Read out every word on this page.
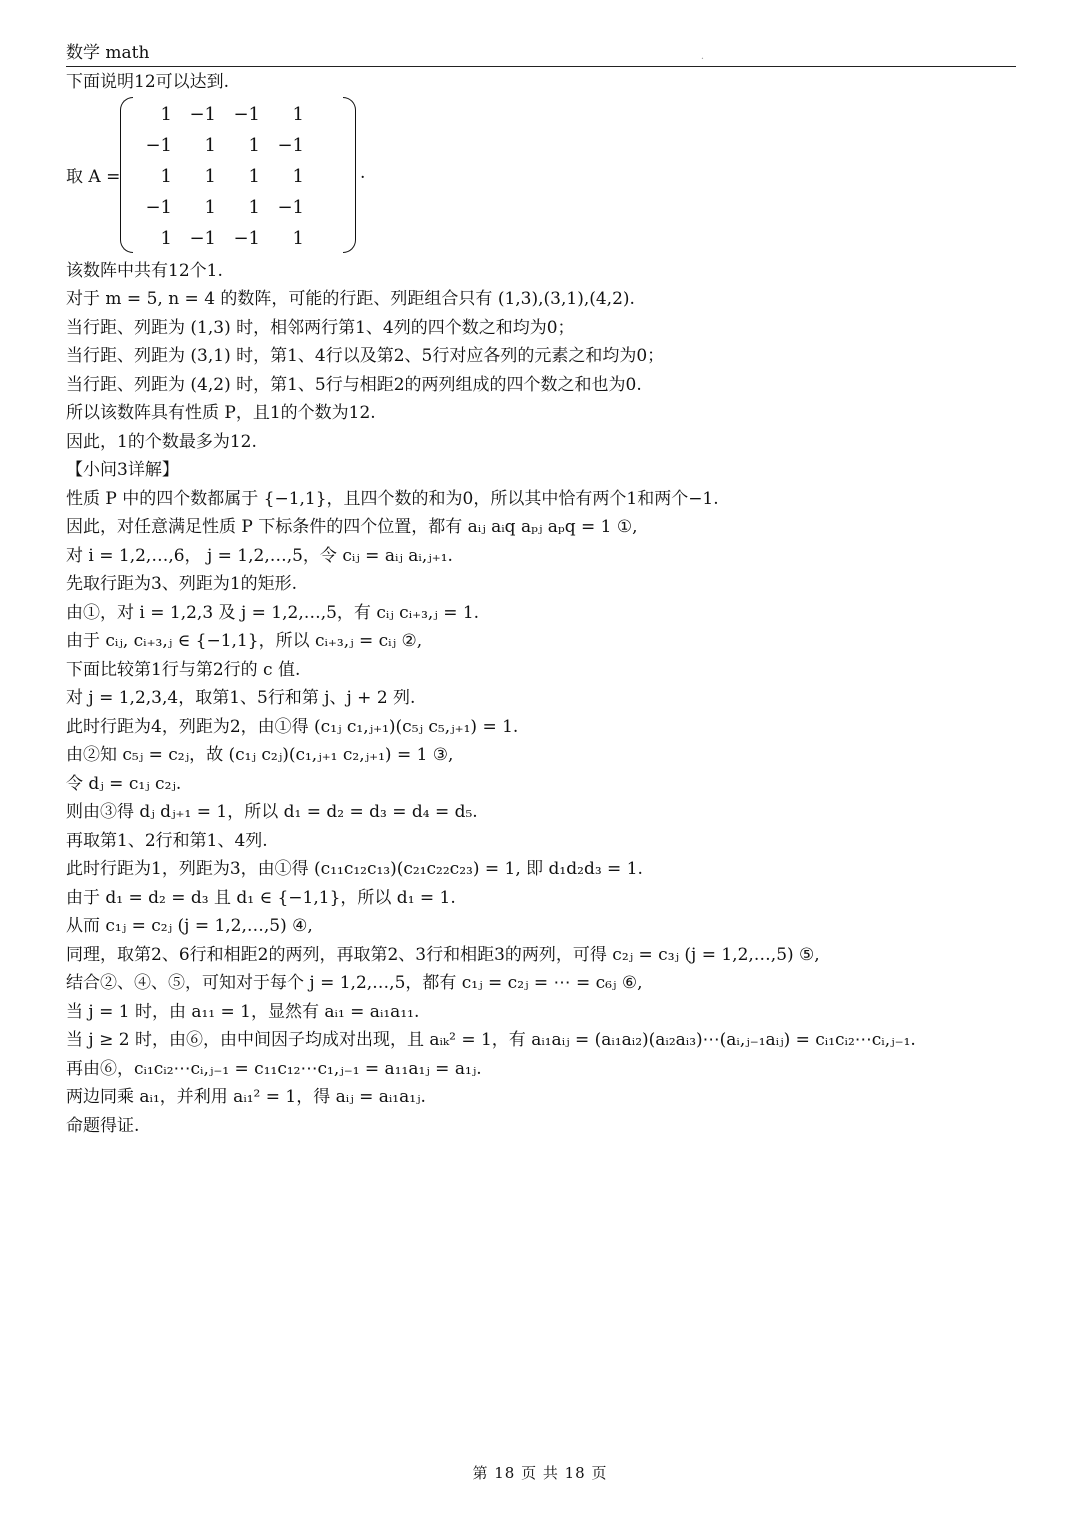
数学 math	.
下面说明12可以达到.
取 A =
1	−1	−1	1
−1	1	1	−1
1	1	1	1
−1	1	1	−1
1	−1	−1	1
.
该数阵中共有12个1.
对于 m = 5, n = 4 的数阵，可能的行距、列距组合只有 (1,3),(3,1),(4,2).
当行距、列距为 (1,3) 时，相邻两行第1、4列的四个数之和均为0；
当行距、列距为 (3,1) 时，第1、4行以及第2、5行对应各列的元素之和均为0；
当行距、列距为 (4,2) 时，第1、5行与相距2的两列组成的四个数之和也为0.
所以该数阵具有性质 P，且1的个数为12.
因此，1的个数最多为12.
【小问3详解】
性质 P 中的四个数都属于 {−1,1}，且四个数的和为0，所以其中恰有两个1和两个−1.
因此，对任意满足性质 P 下标条件的四个位置，都有 aᵢⱼ aᵢq aₚⱼ aₚq = 1 ①,
对 i = 1,2,…,6， j = 1,2,…,5，令 cᵢⱼ = aᵢⱼ aᵢ,ⱼ₊₁.
先取行距为3、列距为1的矩形.
由①，对 i = 1,2,3 及 j = 1,2,…,5，有 cᵢⱼ cᵢ₊₃,ⱼ = 1.
由于 cᵢⱼ, cᵢ₊₃,ⱼ ∈ {−1,1}，所以 cᵢ₊₃,ⱼ = cᵢⱼ ②,
下面比较第1行与第2行的 c 值.
对 j = 1,2,3,4，取第1、5行和第 j、j + 2 列.
此时行距为4，列距为2，由①得 (c₁ⱼ c₁,ⱼ₊₁)(c₅ⱼ c₅,ⱼ₊₁) = 1.
由②知 c₅ⱼ = c₂ⱼ，故 (c₁ⱼ c₂ⱼ)(c₁,ⱼ₊₁ c₂,ⱼ₊₁) = 1 ③,
令 dⱼ = c₁ⱼ c₂ⱼ.
则由③得 dⱼ dⱼ₊₁ = 1，所以 d₁ = d₂ = d₃ = d₄ = d₅.
再取第1、2行和第1、4列.
此时行距为1，列距为3，由①得 (c₁₁c₁₂c₁₃)(c₂₁c₂₂c₂₃) = 1, 即 d₁d₂d₃ = 1.
由于 d₁ = d₂ = d₃ 且 d₁ ∈ {−1,1}，所以 d₁ = 1.
从而 c₁ⱼ = c₂ⱼ (j = 1,2,…,5) ④,
同理，取第2、6行和相距2的两列，再取第2、3行和相距3的两列，可得 c₂ⱼ = c₃ⱼ (j = 1,2,…,5) ⑤,
结合②、④、⑤，可知对于每个 j = 1,2,…,5，都有 c₁ⱼ = c₂ⱼ = ⋯ = c₆ⱼ ⑥,
当 j = 1 时，由 a₁₁ = 1，显然有 aᵢ₁ = aᵢ₁a₁₁.
当 j ≥ 2 时，由⑥，由中间因子均成对出现，且 aᵢₖ² = 1，有 aᵢ₁aᵢⱼ = (aᵢ₁aᵢ₂)(aᵢ₂aᵢ₃)⋯(aᵢ,ⱼ₋₁aᵢⱼ) = cᵢ₁cᵢ₂⋯cᵢ,ⱼ₋₁.
再由⑥，cᵢ₁cᵢ₂⋯cᵢ,ⱼ₋₁ = c₁₁c₁₂⋯c₁,ⱼ₋₁ = a₁₁a₁ⱼ = a₁ⱼ.
两边同乘 aᵢ₁，并利用 aᵢ₁² = 1，得 aᵢⱼ = aᵢ₁a₁ⱼ.
命题得证.
第 18 页 共 18 页
